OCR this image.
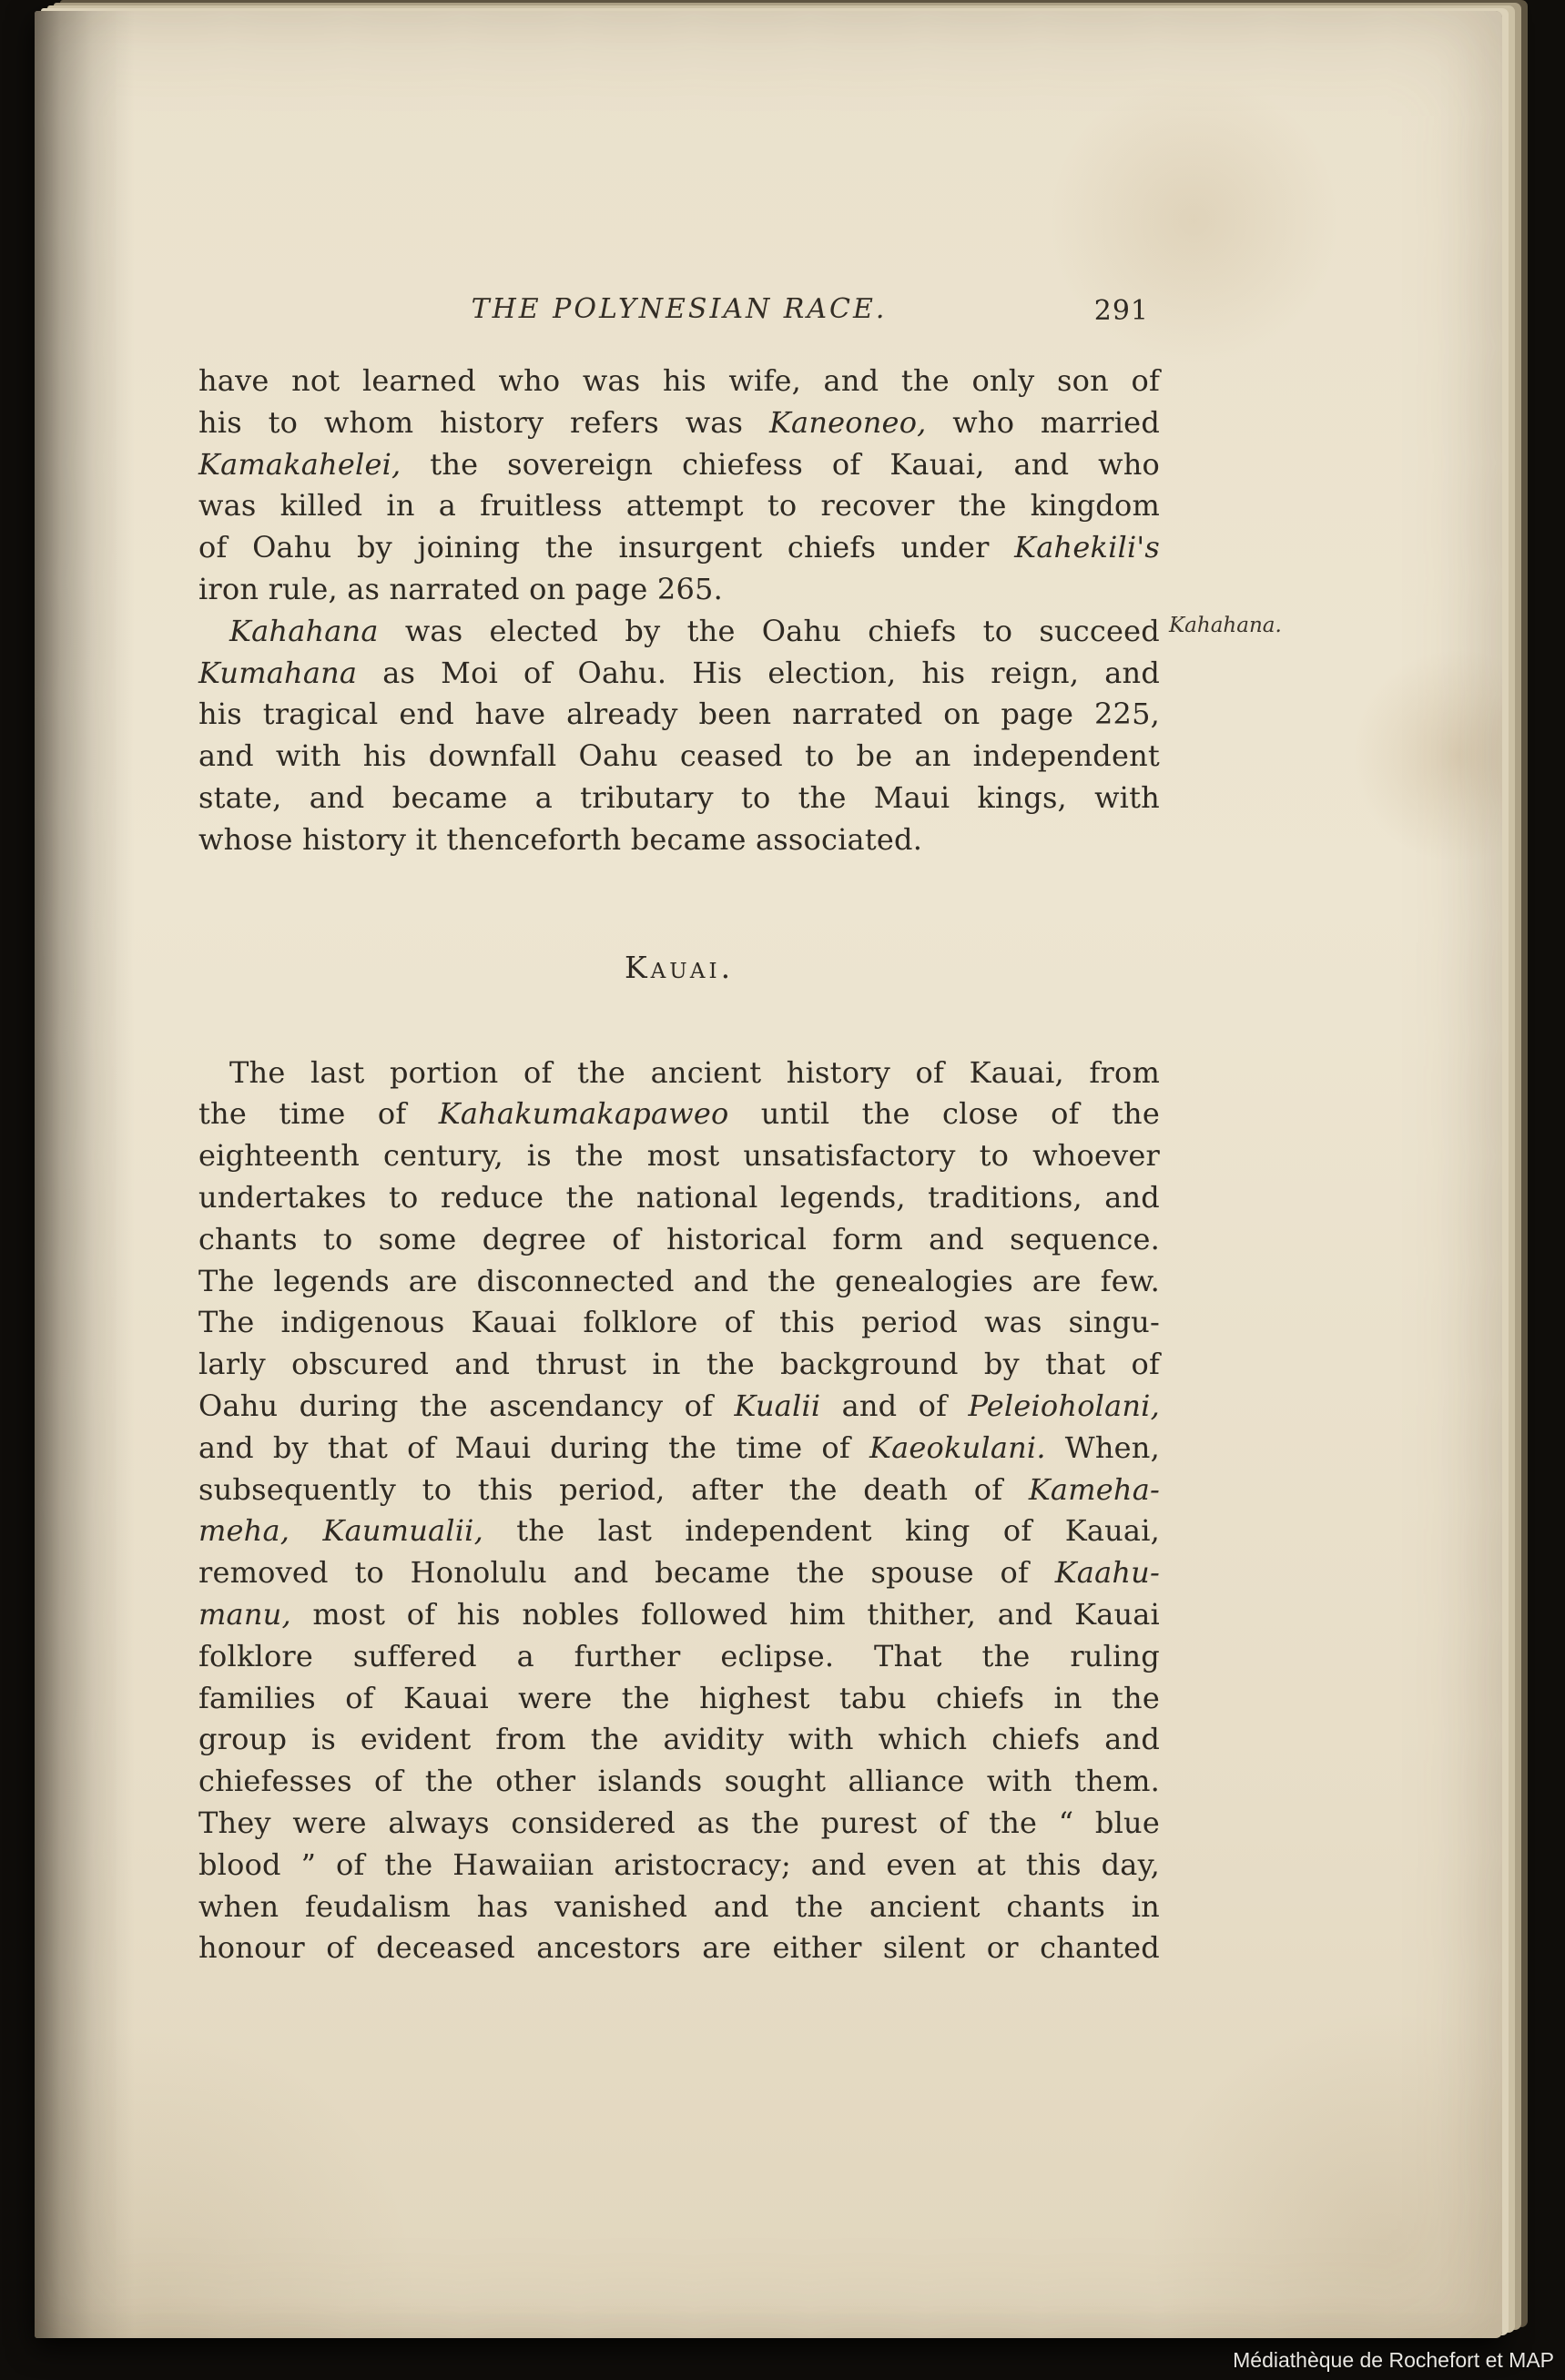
THE POLYNESIAN RACE.	291
have not learned who was his wife, and the only son of
his to whom history refers was Kaneoneo, who married
Kamakahelei, the sovereign chiefess of Kauai, and who
was killed in a fruitless attempt to recover the kingdom
of Oahu by joining the insurgent chiefs under Kahekili's
iron rule, as narrated on page 265.
Kahahana was elected by the Oahu chiefs to succeed
Kumahana as Moi of Oahu. His election, his reign, and
his tragical end have already been narrated on page 225,
and with his downfall Oahu ceased to be an independent
state, and became a tributary to the Maui kings, with
whose history it thenceforth became associated.
Kauai.
The last portion of the ancient history of Kauai, from
the time of Kahakumakapaweo until the close of the
eighteenth century, is the most unsatisfactory to whoever
undertakes to reduce the national legends, traditions, and
chants to some degree of historical form and sequence.
The legends are disconnected and the genealogies are few.
The indigenous Kauai folklore of this period was singu-
larly obscured and thrust in the background by that of
Oahu during the ascendancy of Kualii and of Peleioholani,
and by that of Maui during the time of Kaeokulani. When,
subsequently to this period, after the death of Kameha-
meha, Kaumualii, the last independent king of Kauai,
removed to Honolulu and became the spouse of Kaahu-
manu, most of his nobles followed him thither, and Kauai
folklore suffered a further eclipse. That the ruling
families of Kauai were the highest tabu chiefs in the
group is evident from the avidity with which chiefs and
chiefesses of the other islands sought alliance with them.
They were always considered as the purest of the “ blue
blood ” of the Hawaiian aristocracy; and even at this day,
when feudalism has vanished and the ancient chants in
honour of deceased ancestors are either silent or chanted
Kahahana.
Médiathèque de Rochefort et MAP
